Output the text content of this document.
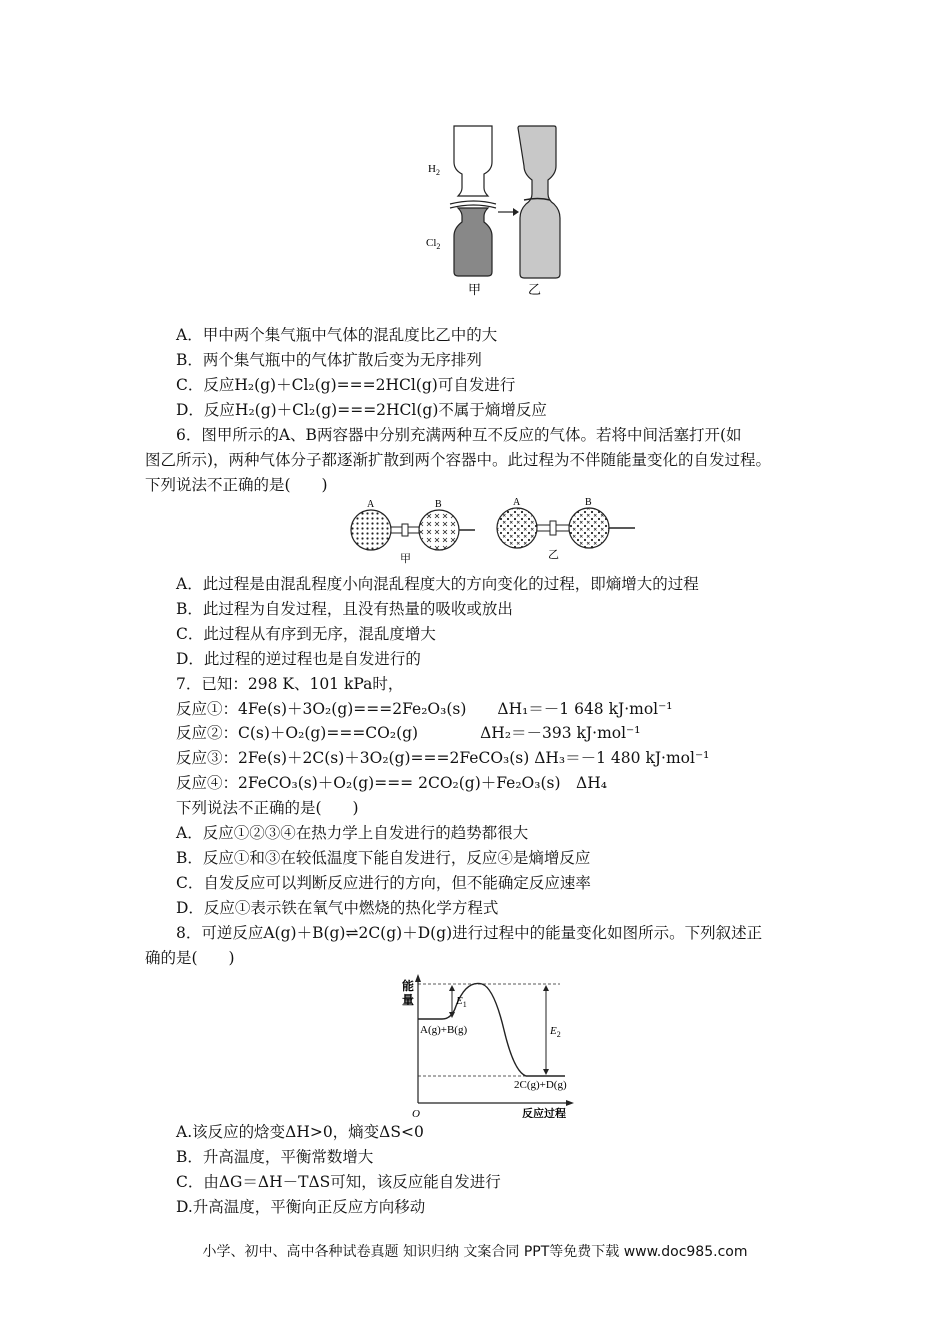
$H_2$
$Cl_2$
甲	乙
A．甲中两个集气瓶中气体的混乱度比乙中的大
B．两个集气瓶中的气体扩散后变为无序排列
C．反应H₂(g)＋Cl₂(g)===2HCl(g)可自发进行
D．反应H₂(g)＋Cl₂(g)===2HCl(g)不属于熵增反应
6．图甲所示的A、B两容器中分别充满两种互不反应的气体。若将中间活塞打开(如
图乙所示)，两种气体分子都逐渐扩散到两个容器中。此过程为不伴随能量变化的自发过程。
下列说法不正确的是(　　)
A	B	A	B
甲	乙
A．此过程是由混乱程度小向混乱程度大的方向变化的过程，即熵增大的过程
B．此过程为自发过程，且没有热量的吸收或放出
C．此过程从有序到无序，混乱度增大
D．此过程的逆过程也是自发进行的
7．已知：298 K、101 kPa时，
反应①：4Fe(s)＋3O₂(g)===2Fe₂O₃(s)　　ΔH₁＝－1 648 kJ·mol⁻¹
反应②：C(s)＋O₂(g)===CO₂(g)　　　　ΔH₂＝－393 kJ·mol⁻¹
反应③：2Fe(s)＋2C(s)＋3O₂(g)===2FeCO₃(s) ΔH₃＝－1 480 kJ·mol⁻¹
反应④：2FeCO₃(s)＋O₂(g)=== 2CO₂(g)＋Fe₂O₃(s)　ΔH₄
下列说法不正确的是(　　)
A．反应①②③④在热力学上自发进行的趋势都很大
B．反应①和③在较低温度下能自发进行，反应④是熵增反应
C．自发反应可以判断反应进行的方向，但不能确定反应速率
D．反应①表示铁在氧气中燃烧的热化学方程式
8．可逆反应A(g)＋B(g)⇌2C(g)＋D(g)进行过程中的能量变化如图所示。下列叙述正
确的是(　　)
$E_1$
$E_2$
A(g)+B(g)
2C(g)+D(g)
能
量
O	反应过程
A.该反应的焓变ΔH>0，熵变ΔS<0
B．升高温度，平衡常数增大
C．由ΔG＝ΔH－TΔS可知，该反应能自发进行
D.升高温度，平衡向正反应方向移动
小学、初中、高中各种试卷真题 知识归纳 文案合同 PPT等免费下载 www.doc985.com
